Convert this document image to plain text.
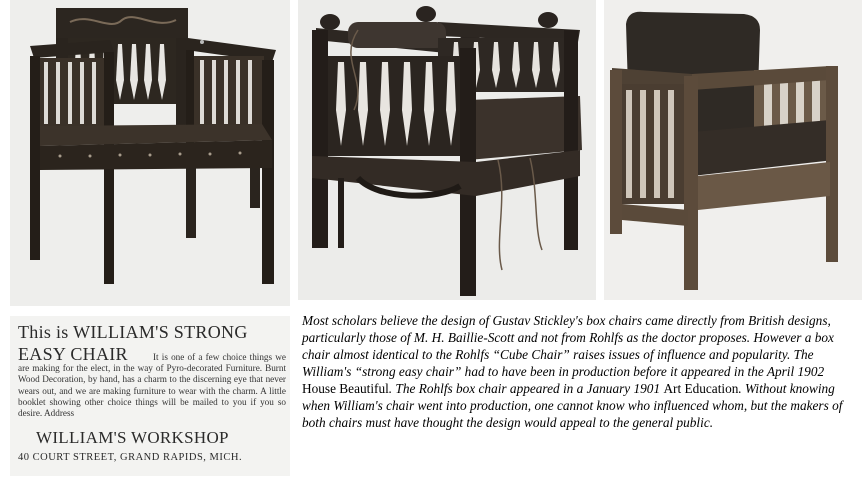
This is WILLIAM'S STRONG
It is one of a few choice things we are making for the elect, in the way of Pyro-decorated Furniture. Burnt Wood Decoration, by hand, has a charm to the discerning eye that never wears out, and we are making furniture to wear with the charm. A little booklet showing other choice things will be mailed to you if you so desire. Address
EASY CHAIR
WILLIAM'S WORKSHOP
40 COURT STREET, GRAND RAPIDS, MICH.
Most scholars believe the design of Gustav Stickley's box chairs came directly from British designs, particularly those of M. H. Baillie-Scott and not from Rohlfs as the doctor proposes. However a box chair almost identical to the Rohlfs “Cube Chair” raises issues of influence and popularity. The William's “strong easy chair” had to have been in production before it appeared in the April 1902 House Beautiful. The Rohlfs box chair appeared in a January 1901 Art Education. Without knowing when William's chair went into production, one cannot know who influenced whom, but the makers of both chairs must have thought the design would appeal to the general public.
